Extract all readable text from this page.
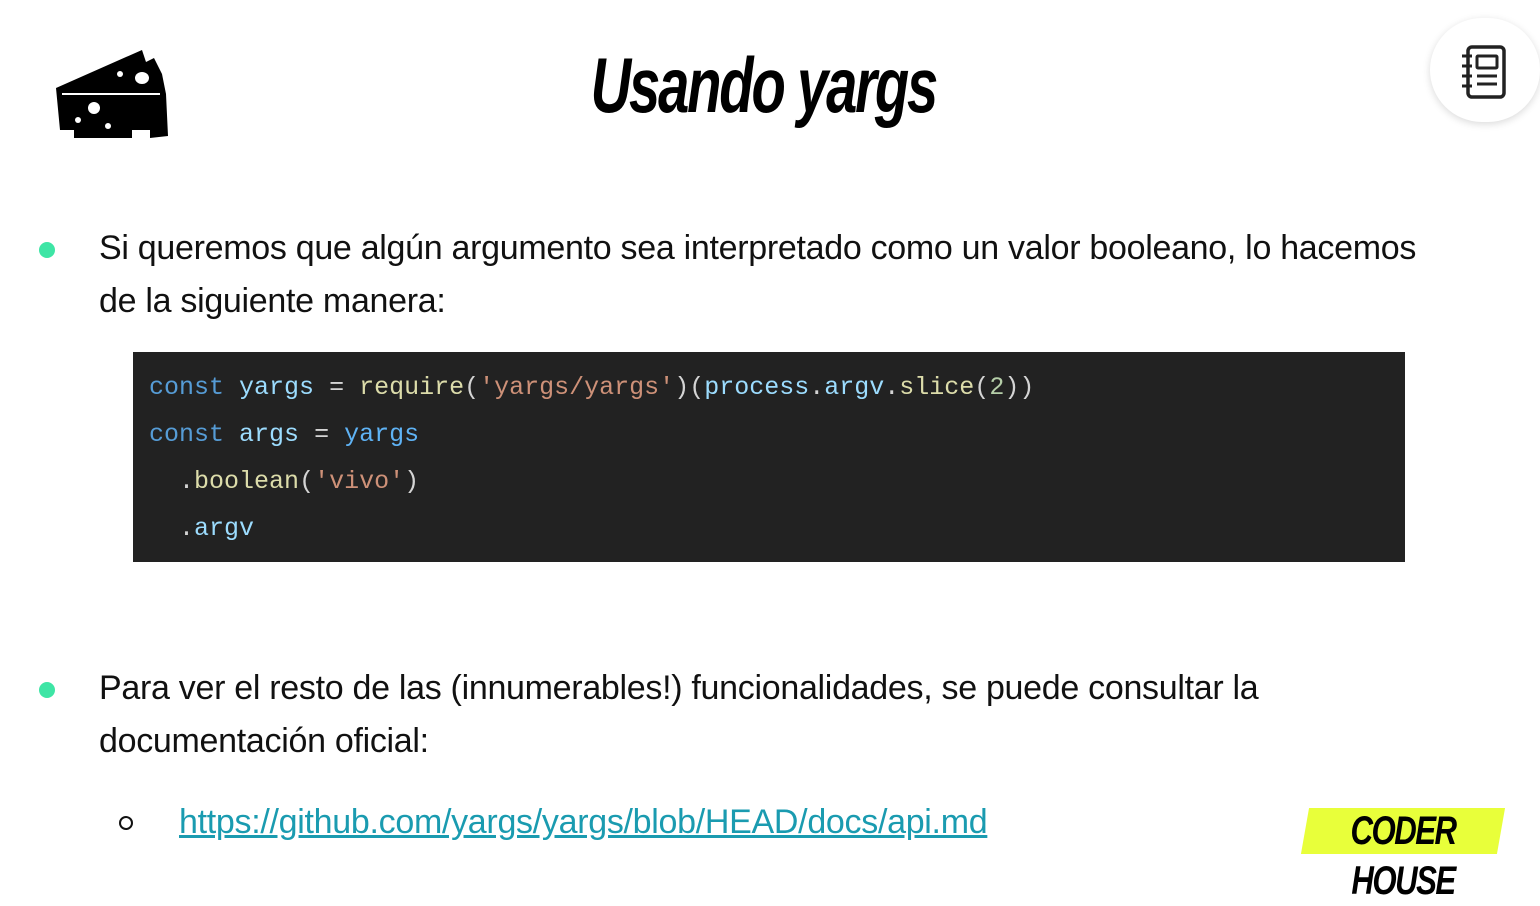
Usando yargs
Si queremos que algún argumento sea interpretado como un valor booleano, lo hacemos de la siguiente manera:
const yargs = require('yargs/yargs')(process.argv.slice(2))
const args = yargs
.boolean('vivo')
.argv
Para ver el resto de las (innumerables!) funcionalidades, se puede consultar la documentación oficial:
https://github.com/yargs/yargs/blob/HEAD/docs/api.md	CODER HOUSE
